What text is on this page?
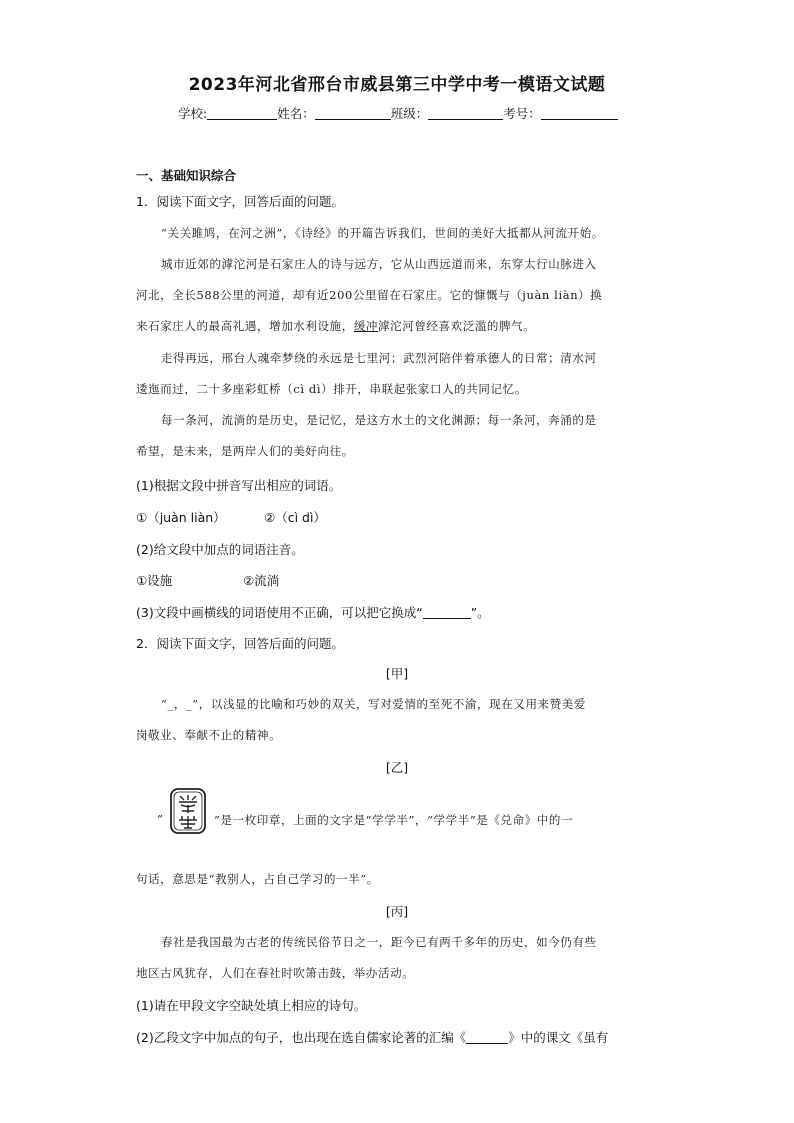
2023年河北省邢台市威县第三中学中考一模语文试题
学校:	姓名：	班级：	考号：
一、基础知识综合
1．阅读下面文字，回答后面的问题。
“关关雎鸠，在河之洲”，《诗经》的开篇告诉我们，世间的美好大抵都从河流开始。
城市近郊的滹沱河是石家庄人的诗与远方，它从山西远道而来，东穿太行山脉进入
河北，全长588公里的河道，却有近200公里留在石家庄。它的慷慨与（juàn liàn）换
来石家庄人的最高礼遇，增加水利设施，缓冲滹沱河曾经喜欢泛滥的脾气。
走得再远，邢台人魂牵梦绕的永远是七里河；武烈河陪伴着承德人的日常；清水河
逶迤而过，二十多座彩虹桥（cì dì）排开，串联起张家口人的共同记忆。
每一条河，流淌的是历史，是记忆，是这方水土的文化渊源；每一条河，奔涌的是
希望，是未来，是两岸人们的美好向往。
(1)根据文段中拼音写出相应的词语。
①（juàn liàn）	②（cì dì）
(2)给文段中加点的词语注音。
①设施	②流淌
(3)文段中画横线的词语使用不正确，可以把它换成“	”。
2．阅读下面文字，回答后面的问题。
[甲]
“_，_”，以浅显的比喻和巧妙的双关，写对爱情的至死不渝，现在又用来赞美爱
岗敬业、奉献不止的精神。
[乙]
“	”是一枚印章，上面的文字是“学学半”，“学学半”是《兑命》中的一
句话，意思是“教别人，占自己学习的一半”。
[丙]
春社是我国最为古老的传统民俗节日之一，距今已有两千多年的历史，如今仍有些
地区古风犹存，人们在春社时吹箫击鼓，举办活动。
(1)请在甲段文字空缺处填上相应的诗句。
(2)乙段文字中加点的句子，也出现在选自儒家论著的汇编《	》中的课文《虽有
